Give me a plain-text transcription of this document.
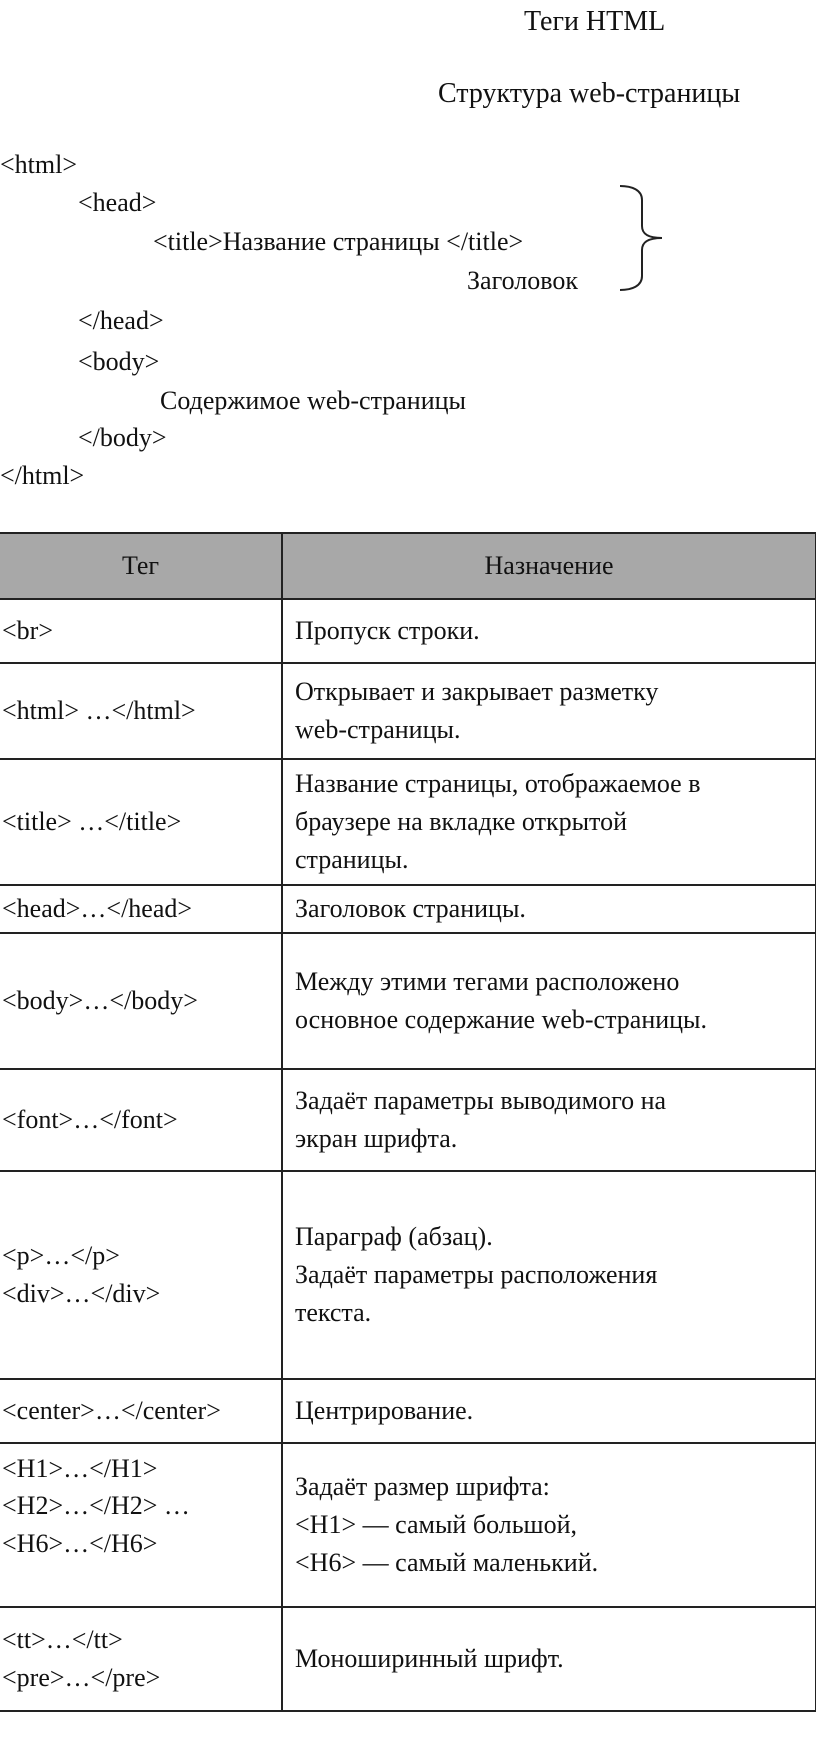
Теги HTML
Структура web-страницы
<html>
<head>
<title>Название страницы </title>
Заголовок
</head>
<body>
Содержимое web-страницы
</body>
</html>
Тег	Назначение

<br>	Пропуск строки.

<html> …</html>	Открывает и закрывает разметку
web-страницы.

<title> …</title>	Название страницы, отображаемое в
браузере на вкладке открытой
страницы.

<head>…</head>	Заголовок страницы.

<body>…</body>	Между этими тегами расположено
основное содержание web-страницы.

<font>…</font>	Задаёт параметры выводимого на
экран шрифта.

<p>…</p>
<div>…</div>	Параграф (абзац).
Задаёт параметры расположения
текста.

<center>…</center>	Центрирование.

<H1>…</H1>
<H2>…</H2> …
<H6>…</H6>	Задаёт размер шрифта:
<H1> — самый большой,
<H6> — самый маленький.

<tt>…</tt>
<pre>…</pre>	Моноширинный шрифт.
